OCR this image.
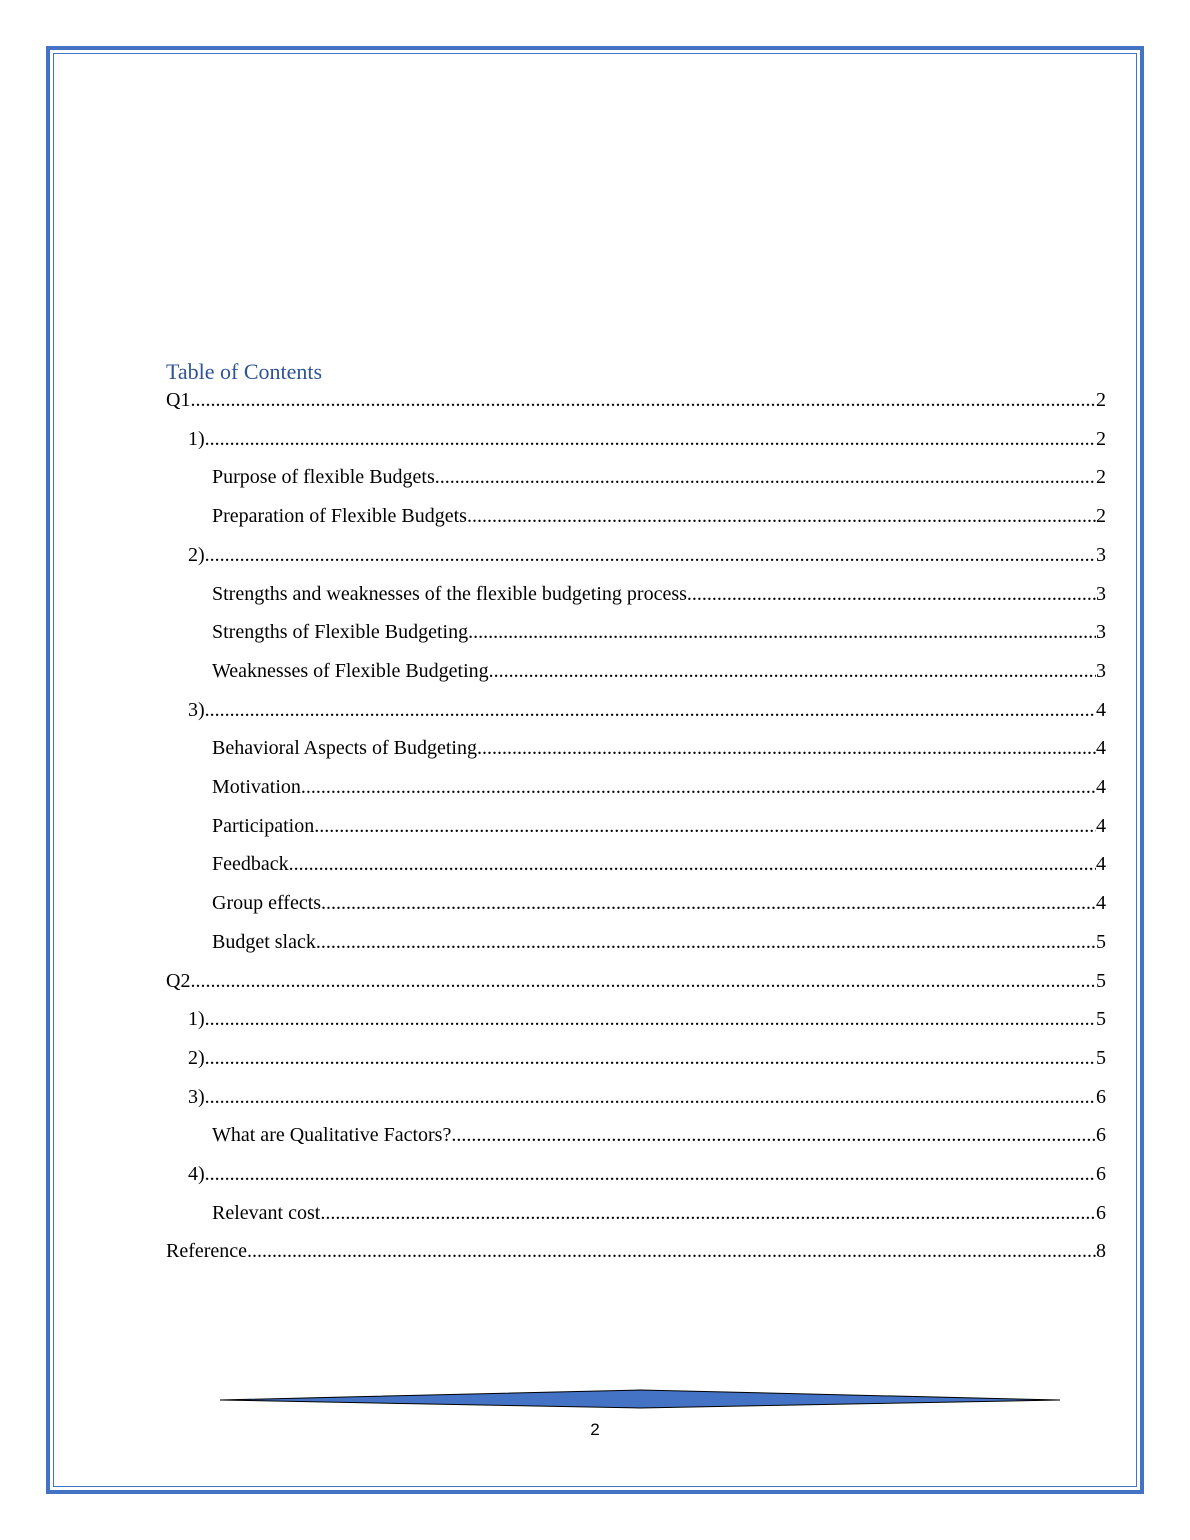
Table of Contents
Q1 .....	2
1) .....	2
Purpose of flexible Budgets .....	2
Preparation of Flexible Budgets .....	2
2) .....	3
Strengths and weaknesses of the flexible budgeting process .....	3
Strengths of Flexible Budgeting .....	3
Weaknesses of Flexible Budgeting .....	3
3) .....	4
Behavioral Aspects of Budgeting .....	4
Motivation .....	4
Participation .....	4
Feedback .....	4
Group effects .....	4
Budget slack .....	5
Q2 .....	5
1) .....	5
2) .....	5
3) .....	6
What are Qualitative Factors? .....	6
4) .....	6
Relevant cost .....	6
Reference .....	8
2
